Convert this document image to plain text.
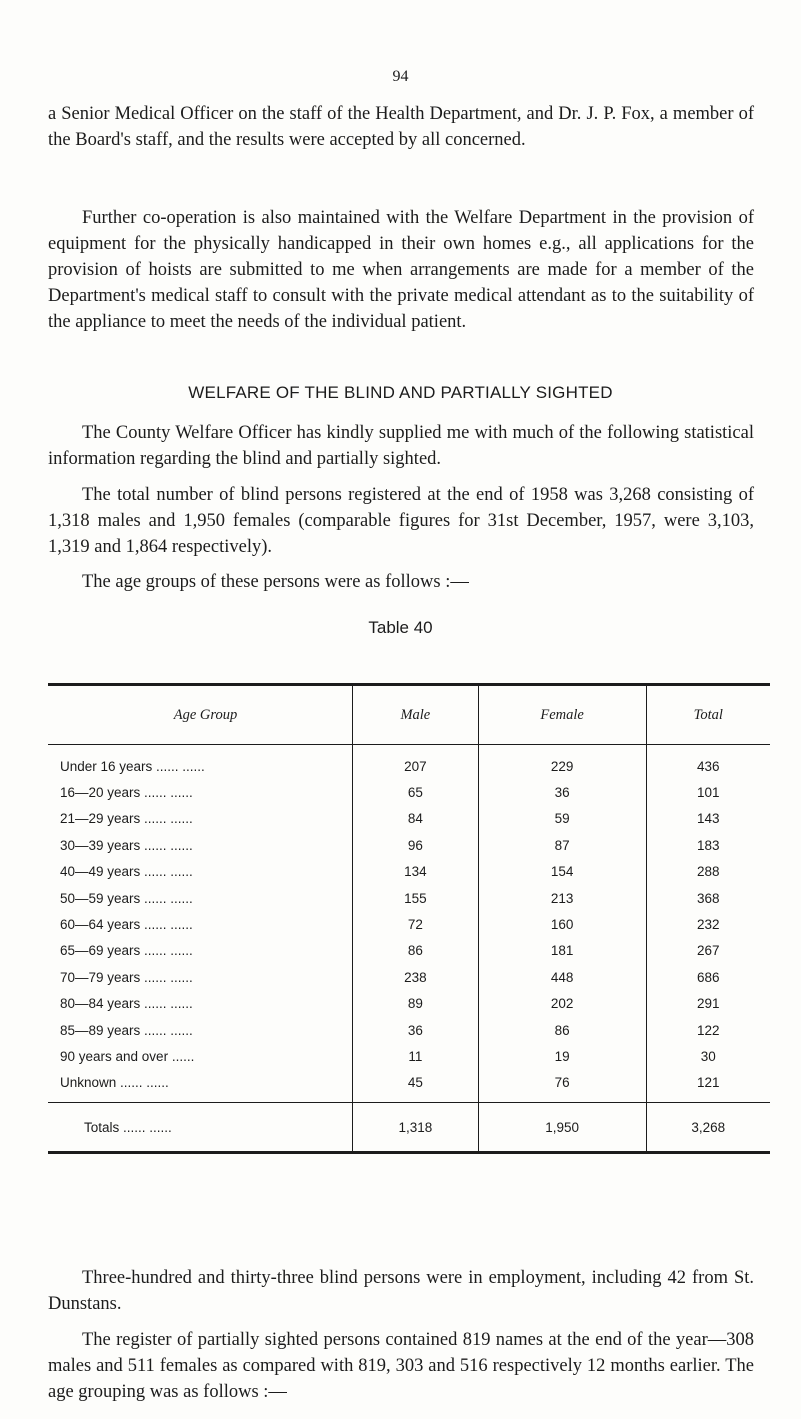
94

a Senior Medical Officer on the staff of the Health Department, and Dr. J. P. Fox, a member of the Board's staff, and the results were accepted by all concerned.

Further co-operation is also maintained with the Welfare Department in the provision of equipment for the physically handicapped in their own homes e.g., all applications for the provision of hoists are submitted to me when arrangements are made for a member of the Department's medical staff to consult with the private medical attendant as to the suitability of the appliance to meet the needs of the individual patient.

WELFARE OF THE BLIND AND PARTIALLY SIGHTED

The County Welfare Officer has kindly supplied me with much of the following statistical information regarding the blind and partially sighted.

The total number of blind persons registered at the end of 1958 was 3,268 consisting of 1,318 males and 1,950 females (comparable figures for 31st December, 1957, were 3,103, 1,319 and 1,864 respectively).

The age groups of these persons were as follows :—

Table 40
Age Group	Male	Female	Total
Under 16 years ...... ......	207	229	436
16—20 years ...... ......	65	36	101
21—29 years ...... ......	84	59	143
30—39 years ...... ......	96	87	183
40—49 years ...... ......	134	154	288
50—59 years ...... ......	155	213	368
60—64 years ...... ......	72	160	232
65—69 years ...... ......	86	181	267
70—79 years ...... ......	238	448	686
80—84 years ...... ......	89	202	291
85—89 years ...... ......	36	86	122
90 years and over ......	11	19	30
Unknown ...... ......	45	76	121
Totals ...... ......	1,318	1,950	3,268

Three-hundred and thirty-three blind persons were in employment, including 42 from St. Dunstans.

The register of partially sighted persons contained 819 names at the end of the year—308 males and 511 females as compared with 819, 303 and 516 respectively 12 months earlier. The age grouping was as follows :—
